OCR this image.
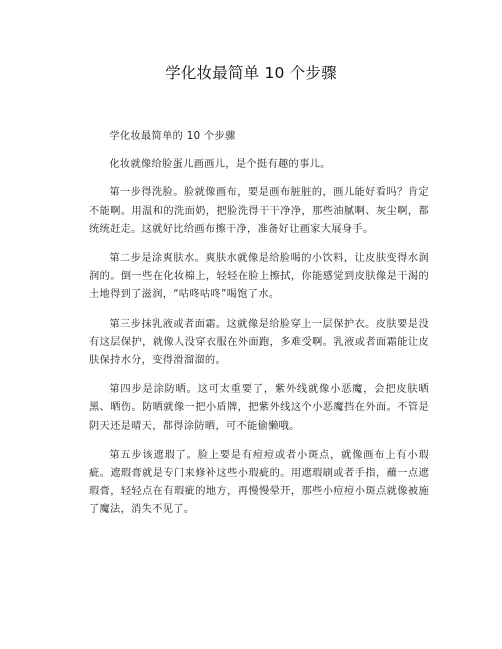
学化妆最简单 10 个步骤

学化妆最简单的 10 个步骤

化妆就像给脸蛋儿画画儿，是个挺有趣的事儿。

第一步得洗脸。脸就像画布，要是画布脏脏的，画儿能好看吗？肯定不能啊。用温和的洗面奶，把脸洗得干干净净，那些油腻啊、灰尘啊，都统统赶走。这就好比给画布擦干净，准备好让画家大展身手。

第二步是涂爽肤水。爽肤水就像是给脸喝的小饮料，让皮肤变得水润润的。倒一些在化妆棉上，轻轻在脸上擦拭，你能感觉到皮肤像是干渴的土地得到了滋润，“咕咚咕咚”喝饱了水。

第三步抹乳液或者面霜。这就像是给脸穿上一层保护衣。皮肤要是没有这层保护，就像人没穿衣服在外面跑，多难受啊。乳液或者面霜能让皮肤保持水分，变得滑溜溜的。

第四步是涂防晒。这可太重要了，紫外线就像小恶魔，会把皮肤晒黑、晒伤。防晒就像一把小盾牌，把紫外线这个小恶魔挡在外面。不管是阴天还是晴天，都得涂防晒，可不能偷懒哦。

第五步该遮瑕了。脸上要是有痘痘或者小斑点，就像画布上有小瑕疵。遮瑕膏就是专门来修补这些小瑕疵的。用遮瑕刷或者手指，蘸一点遮瑕膏，轻轻点在有瑕疵的地方，再慢慢晕开，那些小痘痘小斑点就像被施了魔法，消失不见了。
